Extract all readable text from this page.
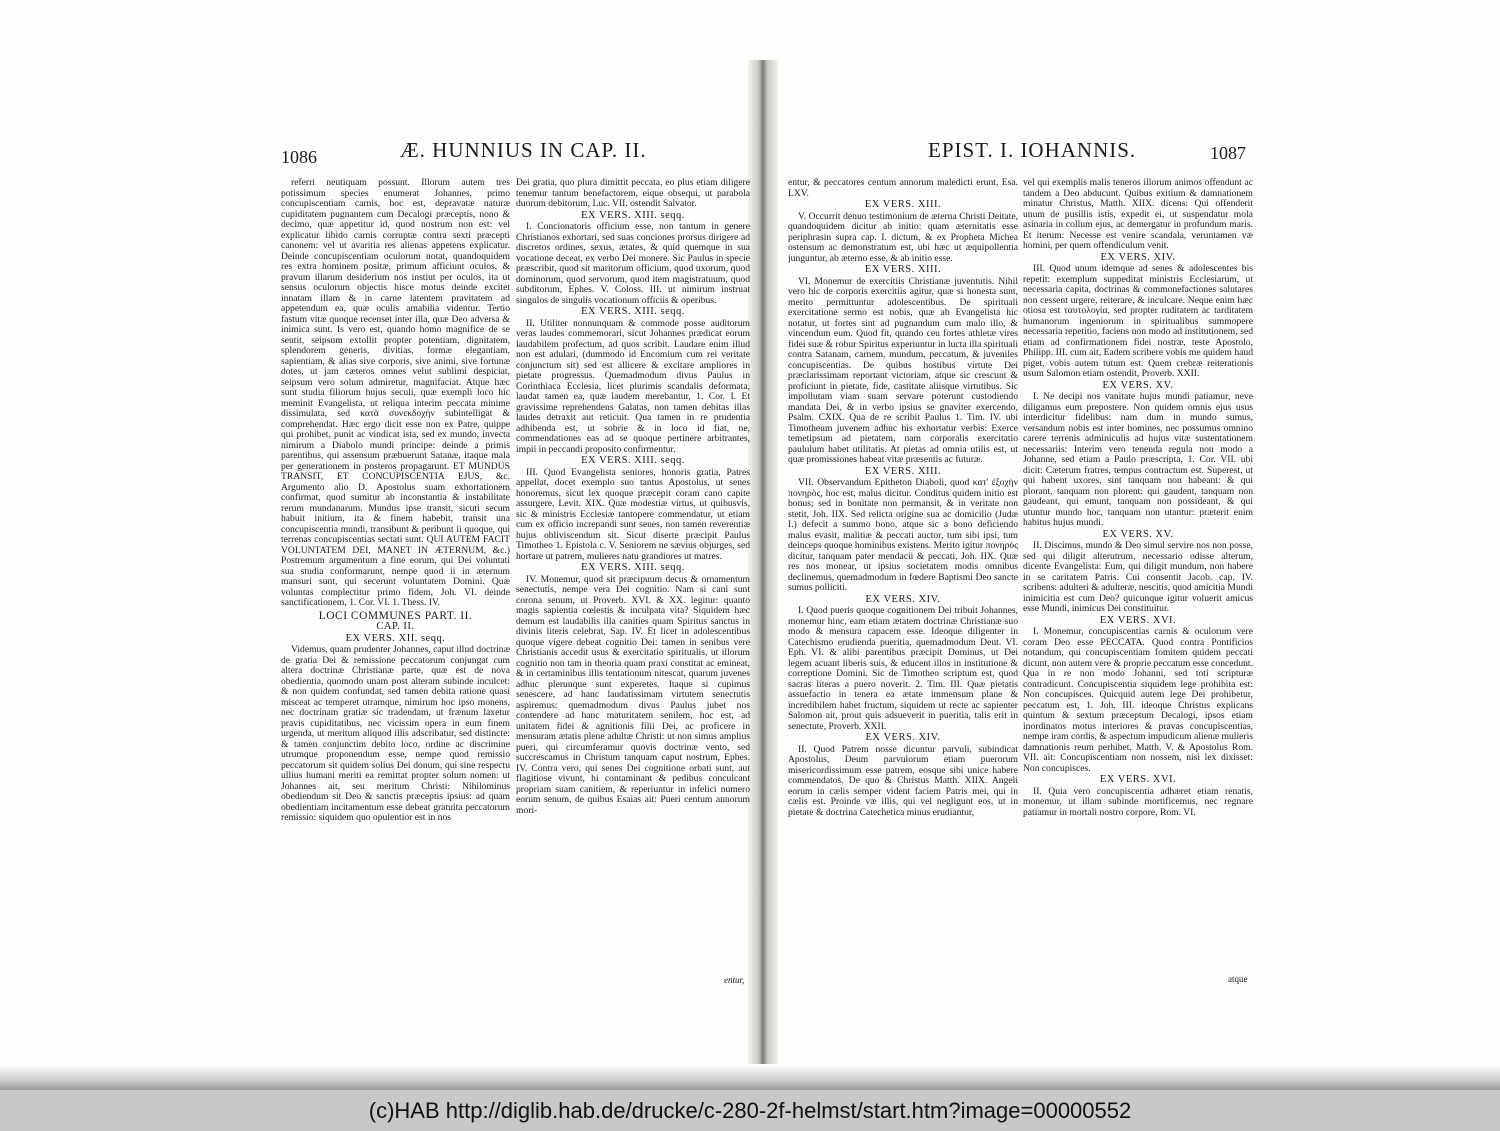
1086	Æ. HUNNIUS IN CAP. II.

referri neutiquam possunt. Illorum autem tres potissimum species enumerat Johannes, primo concupiscentiam carnis, hoc est, depravatæ naturæ cupiditatem pugnantem cum Decalogi præceptis, nono & decimo, quæ appetitur id, quod nostrum non est: vel explicatur libido carnis corruptæ contra sexti præcepti canonem: vel ut avaritia res alienas appetens explicatur. Deinde concupiscentiam oculorum notat, quandoquidem res extra hominem positæ, primum afficiunt oculos, & pravum illarum desiderium nos instiut per oculos, ita ut sensus oculorum objectis hisce motus deinde excitet innatam illam & in carne latentem pravitatem ad appetendum ea, quæ oculis amabilia videntur. Tertio fastum vitæ quoque recenset inter illa, quæ Deo adversa & inimica sunt. Is vero est, quando homo magnifice de se sentit, seipsum extollit propter potentiam, dignitatem, splendorem generis, divitias, formæ elegantiam, sapientiam, & alias sive corporis, sive animi, sive fortunæ dotes, ut jam cæteros omnes velut sublimi despiciat, seipsum vero solum admiretur, magnifaciat. Atque hæc sunt studia filiorum hujus seculi, quæ exempli loco hic meminit Evangelista, ut reliqua interim peccata minime dissimulata, sed κατὰ συνεκδοχὴν subintelligat & comprehendat. Hæc ergo dicit esse non ex Patre, quippe qui prohibet, punit ac vindicat ista, sed ex mundo, invecta nimirum a Diabolo mundi principe: deinde a primis parentibus, qui assensum præbuerunt Satanæ, itaque mala per generationem in posteros propagarunt. ET MUNDUS TRANSIT, ET CONCUPISCENTIA EJUS, &c. Argumento alio D. Apostolus suam exhortationem confirmat, quod sumitur ab inconstantia & instabilitate rerum mundanarum. Mundus ipse transit, sicuti secum habuit initium, ita & finem habebit, transit una concupiscentia mundi, transibunt & peribunt ii quoque, qui terrenas concupiscentias sectati sunt. QUI AUTEM FACIT VOLUNTATEM DEI, MANET IN ÆTERNUM, &c.) Postremum argumentum a fine eorum, qui Dei voluntati sua studia conformarunt, nempe quod ii in æternum mansuri sunt, qui secerunt voluntatem Domini. Quæ voluntas complectitur primo fidem, Joh. VI. deinde sanctificationem, 1. Cor. VI. 1. Thess. IV.

LOCI COMMUNES PART. II.
CAP. II.
EX VERS. XII. seqq.

Videmus, quam prudenter Johannes, caput illud doctrinæ de gratia Dei & remissione peccatorum conjungat cum altera doctrinæ Christianæ parte, quæ est de nova obedientia, quomodo unam post alteram subinde inculcet: & non quidem confundat, sed tamen debita ratione quasi misceat ac temperet utramque, nimirum hoc ipso monens, nec doctrinam gratiæ sic tradendam, ut frænum laxetur pravis cupiditatibus, nec vicissim opera in eum finem urgenda, ut meritum aliquod illis adscribatur, sed distincte: & tamen conjunctim debito loco, ordine ac discrimine utrumque proponendum esse, nempe quod remissio peccatorum sit quidem solius Dei donum, qui sine respectu ullius humani meriti ea remittat propter solum nomen: ut Johannes ait, seu meritum Christi: Nihilominus obediendum sit Deo & sanctis præceptis ipsius: ad quam obedientiam incitamentum esse debeat gratuita peccatorum remissio: siquidem quo opulentior est in nos

Dei gratia, quo plura dimittit peccata, eo plus etiam diligere tenemur tantum benefactorem, eique obsequi, ut parabola duorum debitorum, Luc. VII. ostendit Salvator.

EX VERS. XIII. seqq.

I. Concionatoris officium esse, non tantum in genere Christianos exhortari, sed suas conciones prorsus dirigere ad discretos ordines, sexus, ætates, & quid quemque in sua vocatione deceat, ex verbo Dei monere. Sic Paulus in specie præscribit, quod sit maritorum officium, quod uxorum, quod dominorum, quod servorum, quod item magistratuum, quod subditorum, Ephes. V. Coloss. III. ut nimirum instruat singulos de singulis vocationum officiis & operibus.

EX VERS. XIII. seqq.

II. Utiliter nonnunquam & commode posse auditorum veras laudes commemorari, sicut Johannes prædicat eorum laudabilem profectum, ad quos scribit. Laudare enim illud non est adulari, (dummodo id Encomium cum rei veritate conjunctum sit) sed est allicere & excitare ampliores in pietate progressus. Quemadmodum divus Paulus in Corinthiaca Ecclesia, licet plurimis scandalis deformata, laudat tamen ea, quæ laudem merebantur, 1. Cor. I. Et gravissime reprehendens Galatas, non tamen debitas illas laudes detraxit aut reticuit. Qua tamen in re prudentia adhibenda est, ut sobrie & in loco id fiat, ne, commendationes eas ad se quoque pertinere arbitrantes, impii in peccandi proposito confirmentur.

EX VERS. XIII. seqq.

III. Quod Evangelista seniores, honoris gratia, Patres appellat, docet exemplo suo tantus Apostolus, ut senes honoremus, sicut lex quoque præcepit coram cano capite assurgere, Levit. XIX. Quæ modestiæ virtus, ut quibusvis, sic & ministris Ecclesiæ tantopere commendatur, ut etiam cum ex officio increpandi sunt senes, non tamen reverentiæ hujus obliviscendum sit. Sicut diserte præcipit Paulus Timotheo 1. Epistola c. V. Seniorem ne sævius objurges, sed hortare ut patrem, mulieres natu grandiores ut matres.

EX VERS. XIII. seqq.

IV. Monemur, quod sit præcipuum decus & ornamentum senectutis, nempe vera Dei cognitio. Nam si cani sunt corona senum, ut Proverb. XVI. & XX. legitur: quanto magis sapientia cœlestis & inculpata vita? Siquidem hæc demum est laudabilis illa canities quam Spiritus sanctus in divinis literis celebrat, Sap. IV. Et licet in adolescentibus quoque vigere debeat cognitio Dei: tamen in senibus vere Christianis accedit usus & exercitatio spiritualis, ut illorum cognitio non tam in theoria quam praxi constitat ac emineat, & in certaminibus illis tentationum nitescat, quarum juvenes adhuc plerunque sunt experetes. Itaque si cupimus senescere, ad hanc laudatissimam virtutem senectutis aspiremus: quemadmodum divus Paulus jubet nos contendere ad hanc maturitatem senilem, hoc est, ad unitatem fidei & agnitionis filii Dei, ac proficere in mensuram ætatis plene adultæ Christi: ut non simus amplius pueri, qui circumferamur quovis doctrinæ vento, sed succrescamus in Christum tanquam caput nostrum, Ephes. IV. Contra vero, qui senes Dei cognitione orbati sunt, aut flagitiose vivunt, hi contaminant & pedibus conculcant propriam suam canitiem, & reperiuntur in infelici numero eorum senum, de quibus Esaias ait: Pueri centum annorum mori-

entur,
EPIST. I. IOHANNIS.	1087

entur, & peccatores centum annorum maledicti erunt, Esa. LXV.

EX VERS. XIII.

V. Occurrit denuo testimonium de æterna Christi Deitate, quandoquidem dicitur ab initio: quam æternitatis esse periphrasin supra cap. I. dictum, & ex Propheta Michea ostensum ac demonstratum est, ubi hæc ut æquipollentia junguntur, ab æterno esse, & ab initio esse.

EX VERS. XIII.

VI. Monemur de exercitiis Christianæ juventutis. Nihil vero hic de corporis exercitiis agitur, quæ si honesta sunt, merito permittuntur adolescentibus. De spirituali exercitatione sermo est nobis, quæ ab Evangelista hic notatur, ut fortes sint ad pugnandum cum malo illo, & vincendum eum. Quod fit, quando ceu fortes athletæ vires fidei suæ & robur Spiritus experiuntur in lucta illa spirituali contra Satanam, carnem, mundum, peccatum, & juveniles concupiscentias. De quibus hostibus virtute Dei præclarissimam reportant victoriam, atque sic crescunt & proficiunt in pietate, fide, castitate aliisque virtutibus. Sic impollutam viam suam servare poterunt custodiendo mandata Dei, & in verbo ipsius se gnaviter exercendo, Psalm. CXIX. Qua de re scribit Paulus 1. Tim. IV. ubi Timotheum juvenem adhuc his exhortatur verbis: Exerce temetipsum ad pietatem, nam corporalis exercitatio paululum habet utilitatis. At pietas ad omnia utilis est, ut quæ promissiones habeat vitæ præsentis ac futuræ.

EX VERS. XIII.

VII. Observandum Epitheton Diaboli, quod κατ' ἐξοχὴν πονηρὸς, hoc est, malus dicitur. Conditus quidem initio est bonus; sed in bonitate non permansit, & in veritate non stetit, Joh. IIX. Sed relicta origine sua ac domicilio (Judæ I.) defecit a summo bono, atque sic a bono deficiendo malus evasit, malitiæ & peccati auctor, tum sibi ipsi, tum deinceps quoque hominibus existens. Merito igitur πονηρὸς dicitur, tanquam pater mendacii & peccati, Joh. IIX. Quæ res nos monear, ut ipsius societatem modis omnibus declinemus, quemadmodum in fœdere Baptismi Deo sancte sumus polliciti.

EX VERS. XIV.

I. Quod pueris quoque cognitionem Dei tribuit Johannes, monemur hinc, eam etiam ætatem doctrinæ Christianæ suo modo & mensura capacem esse. Ideoque diligenter in Catechismo erudienda pueritia, quemadmodum Deut. VI. Eph. VI. & alibi parentibus præcipit Dominus, ut Dei legem acuant liberis suis, & educent illos in institutione & correptione Domini. Sic de Timotheo scriptum est, quod sacras literas a puero noverit. 2. Tim. III. Quæ pietatis assuefactio in tenera ea ætate immensum plane & incredibilem habet fructum, siquidem ut recte ac sapienter Salomon ait, prout quis adsueverit in pueritia, talis erit in senectute, Proverb. XXII.

EX VERS. XIV.

II. Quod Patrem nosse dicuntur parvuli, subindicat Apostolus, Deum parvulorum etiam puerorum misericordissimum esse patrem, eosque sibi unice habere commendatos. De quo & Christus Matth. XIIX. Angeli eorum in cælis semper vident faciem Patris mei, qui in cælis est. Proinde væ illis, qui vel negligunt eos, ut in pietate & doctrina Catechetica minus erudiantur,

vel qui exemplis malis teneros illorum animos offendunt ac tandem a Deo abducunt. Quibus exitium & damnationem minatur Christus, Matth. XIIX. dicens: Qui offenderit unum de pusillis istis, expedit ei, ut suspendatur mola asinaria in collum ejus, ac demergatur in profundum maris. Et iterum: Necesse est venire scandala, veruntamen væ homini, per quem offendiculum venit.

EX VERS. XIV.

III. Quod unum idemque ad senes & adolescentes bis repetit: exemplum suppeditat ministris Ecclesiarum, ut necessaria capita, doctrinas & commonefactiones salutares non cessent urgere, reiterare, & inculcare. Neque enim hæc otiosa est ταυτολογία, sed propter ruditatem ac tarditatem humanorum ingeniorum in spiritualibus summopere necessaria repetitio, faciens non modo ad institutionem, sed etiam ad confirmationem fidei nostræ, teste Apostolo, Philipp. III. cum ait, Eadem scribere vobis me quidem haud piget, vobis autem tutum est. Quem crebræ reiterationis usum Salomon etiam ostendit, Proverb. XXII.

EX VERS. XV.

I. Ne decipi nos vanitate hujus mundi patiamur, neve diligamus eum prepostere. Non quidem omnis ejus usus interdicitur fidelibus: nam dum in mundo sumus, versandum nobis est inter homines, nec possumus omnino carere terrenis adminiculis ad hujus vitæ sustentationem necessariis: Interim vero tenenda regula non modo a Johanne, sed etiam a Paulo præscripta, 1. Cor. VII. ubi dicit: Cæterum fratres, tempus contractum est. Superest, ut qui habent uxores, sint tanquam non habeant: & qui plorant, tanquam non plorent: qui gaudent, tanquam non gaudeant, qui emunt, tanquam non possideant, & qui utuntur mundo hoc, tanquam non utantur: præterit enim habitus hujus mundi.

EX VERS. XV.

II. Discimus, mundo & Deo simul servire nos non posse, sed qui diligit alterutrum, necessario odisse alterum, dicente Evangelista: Eum, qui diligit mundum, non habere in se caritatem Patris. Cui consentit Jacob. cap. IV. scribens: adulteri & adulteræ, nescitis, quod amicitia Mundi inimicitia est cum Deo? quicunque igitur voluerit amicus esse Mundi, inimicus Dei constituitur.

EX VERS. XVI.

I. Monemur, concupiscentias carnis & oculorum vere coram Deo esse PECCATA. Quod contra Pontificios notandum, qui concupiscentiam fomitem quidem peccati dicunt, non autem vere & proprie peccatum esse concedunt. Qua in re non modo Johanni, sed toti scripturæ contradicunt. Concupiscentia siquidem lege prohibita est: Non concupisces. Quicquid autem lege Dei prohibetur, peccatum est, 1. Joh. III. ideoque Christus explicans quintum & sextum præceptum Decalogi, ipsos etiam inordinatos motus interiores & pravas concupiscentias, nempe iram cordis, & aspectum impudicum alienæ mulieris damnationis reum perhibet, Matth. V. & Apostolus Rom. VII. ait: Concupiscentiam non nossem, nisi lex dixisset: Non concupisces.

EX VERS. XVI.

II. Quia vero concupiscentia adhæret etiam renatis, monemur, ut illam subinde mortificemus, nec regnare patiamur in mortali nostro corpore, Rom. VI.

atque
(c)HAB http://diglib.hab.de/drucke/c-280-2f-helmst/start.htm?image=00000552
